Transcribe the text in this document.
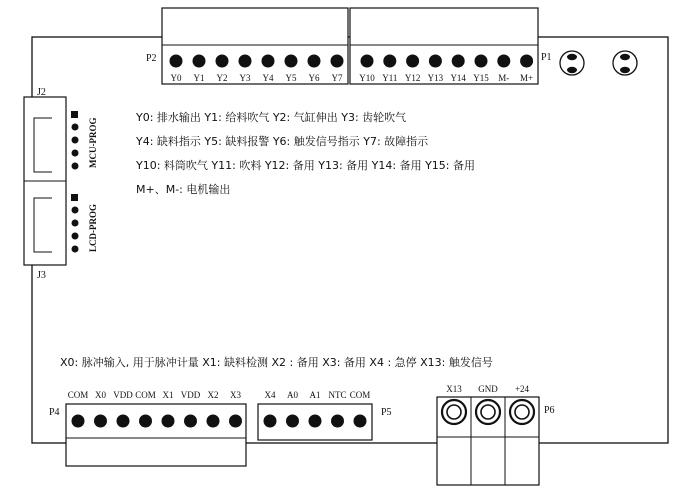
Y0 Y1 Y2 Y3 Y4 Y5 Y6 Y7
P2
Y10 Y11 Y12 Y13 Y14 Y15 M- M+
P1
J2
J3
MCU-PROG
LCD-PROG
Y0: 排水输出 Y1: 给料吹气 Y2: 气缸伸出 Y3: 齿轮吹气
Y4: 缺料指示 Y5: 缺料报警 Y6: 触发信号指示 Y7: 故障指示
Y10: 料筒吹气 Y11: 吹料 Y12: 备用 Y13: 备用 Y14: 备用 Y15: 备用
M+、M-: 电机输出
X0: 脉冲输入, 用于脉冲计量 X1: 缺料检测 X2 : 备用 X3: 备用 X4 : 急停 X13: 触发信号
COM X0 VDD COM X1 VDD X2 X3
P4
X4 A0 A1 NTC COM
P5
X13 GND +24
P6
